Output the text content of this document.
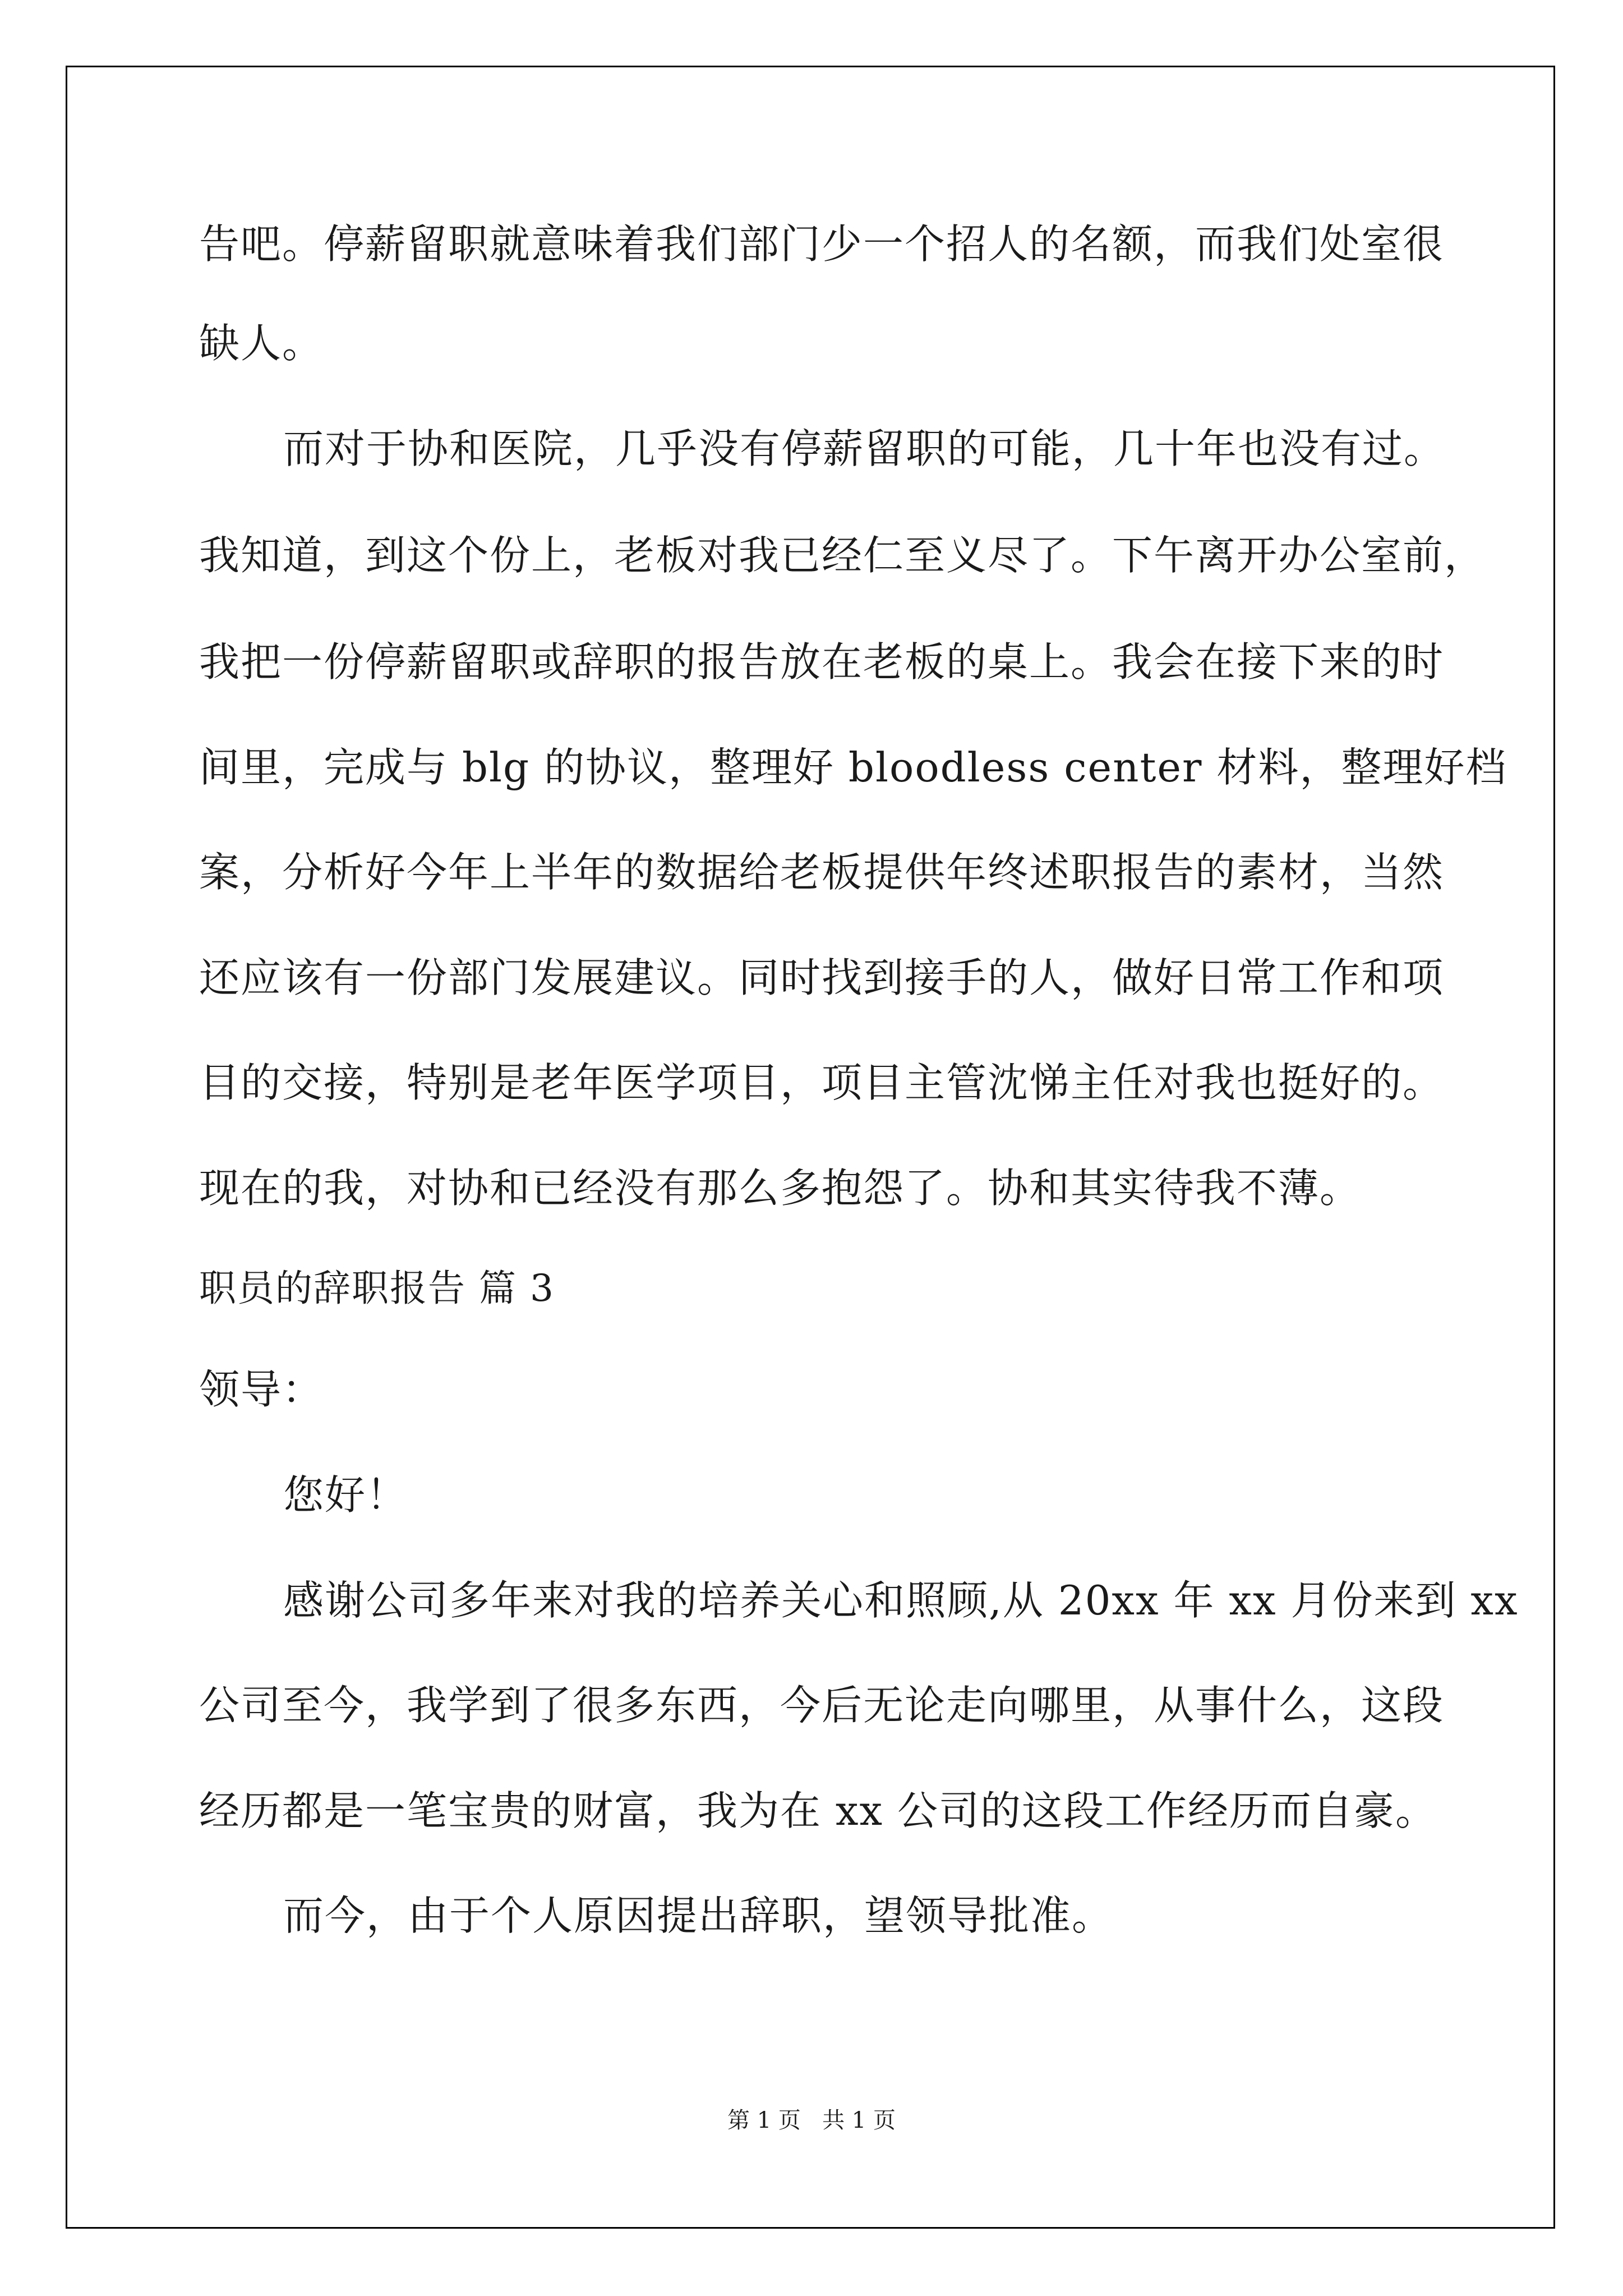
告吧。停薪留职就意味着我们部门少一个招人的名额，而我们处室很

缺人。

而对于协和医院，几乎没有停薪留职的可能，几十年也没有过。

我知道，到这个份上，老板对我已经仁至义尽了。下午离开办公室前，

我把一份停薪留职或辞职的报告放在老板的桌上。我会在接下来的时

间里，完成与 blg 的协议，整理好 bloodless center 材料，整理好档

案，分析好今年上半年的数据给老板提供年终述职报告的素材，当然

还应该有一份部门发展建议。同时找到接手的人，做好日常工作和项

目的交接，特别是老年医学项目，项目主管沈悌主任对我也挺好的。

现在的我，对协和已经没有那么多抱怨了。协和其实待我不薄。

职员的辞职报告 篇 3

领导：

您好！

感谢公司多年来对我的培养关心和照顾,从 20xx 年 xx 月份来到 xx

公司至今，我学到了很多东西，今后无论走向哪里，从事什么，这段

经历都是一笔宝贵的财富，我为在 xx 公司的这段工作经历而自豪。

而今，由于个人原因提出辞职，望领导批准。

第 1 页   共 1 页
